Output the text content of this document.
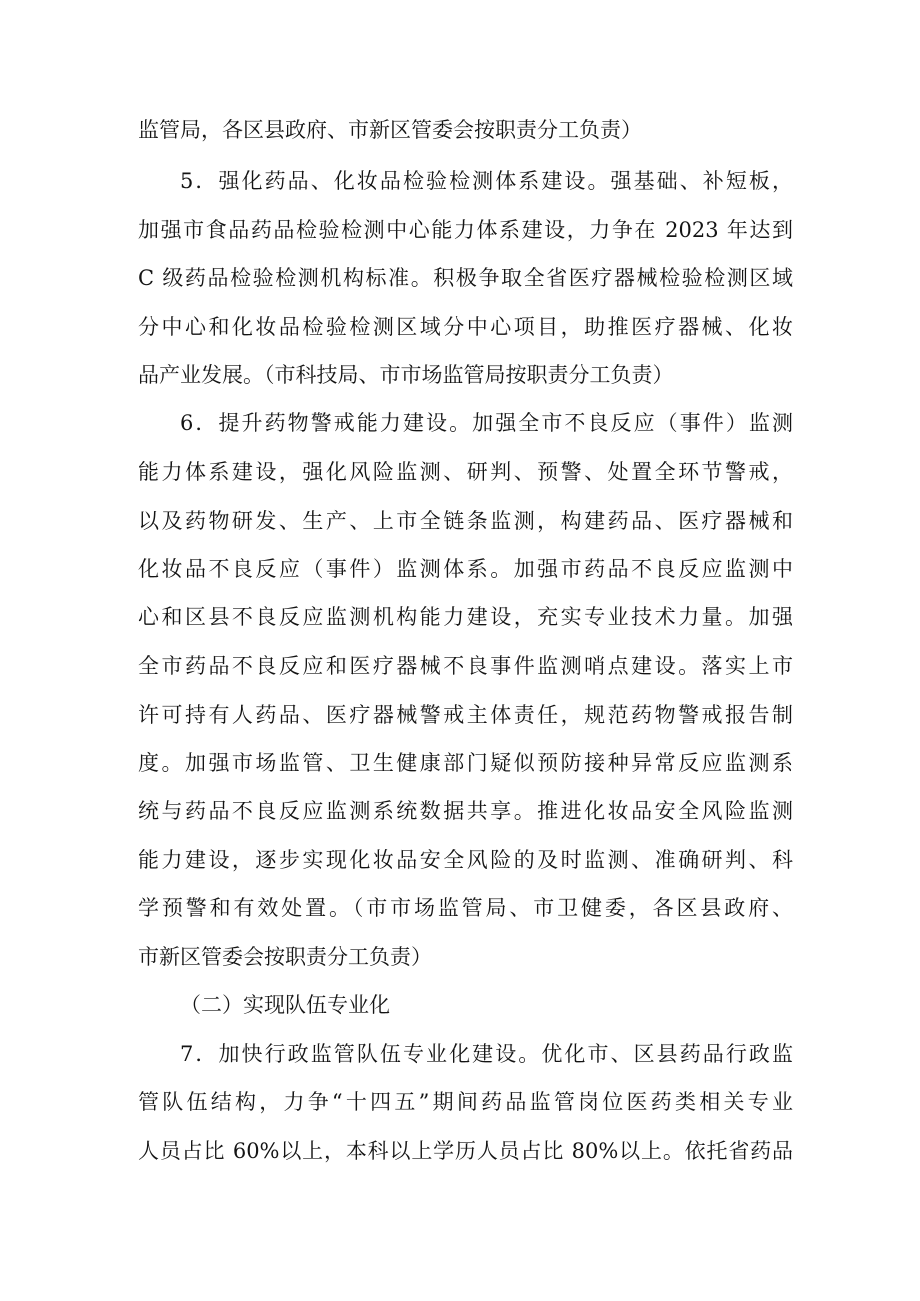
监管局，各区县政府、市新区管委会按职责分工负责）
5．强化药品、化妆品检验检测体系建设。强基础、补短板，
加强市食品药品检验检测中心能力体系建设，力争在 2023 年达到
C 级药品检验检测机构标准。积极争取全省医疗器械检验检测区域
分中心和化妆品检验检测区域分中心项目，助推医疗器械、化妆
品产业发展。（市科技局、市市场监管局按职责分工负责）
6．提升药物警戒能力建设。加强全市不良反应（事件）监测
能力体系建设，强化风险监测、研判、预警、处置全环节警戒，
以及药物研发、生产、上市全链条监测，构建药品、医疗器械和
化妆品不良反应（事件）监测体系。加强市药品不良反应监测中
心和区县不良反应监测机构能力建设，充实专业技术力量。加强
全市药品不良反应和医疗器械不良事件监测哨点建设。落实上市
许可持有人药品、医疗器械警戒主体责任，规范药物警戒报告制
度。加强市场监管、卫生健康部门疑似预防接种异常反应监测系
统与药品不良反应监测系统数据共享。推进化妆品安全风险监测
能力建设，逐步实现化妆品安全风险的及时监测、准确研判、科
学预警和有效处置。（市市场监管局、市卫健委，各区县政府、
市新区管委会按职责分工负责）
（二）实现队伍专业化
7．加快行政监管队伍专业化建设。优化市、区县药品行政监
管队伍结构，力争“十四五”期间药品监管岗位医药类相关专业
人员占比 60%以上，本科以上学历人员占比 80%以上。依托省药品
